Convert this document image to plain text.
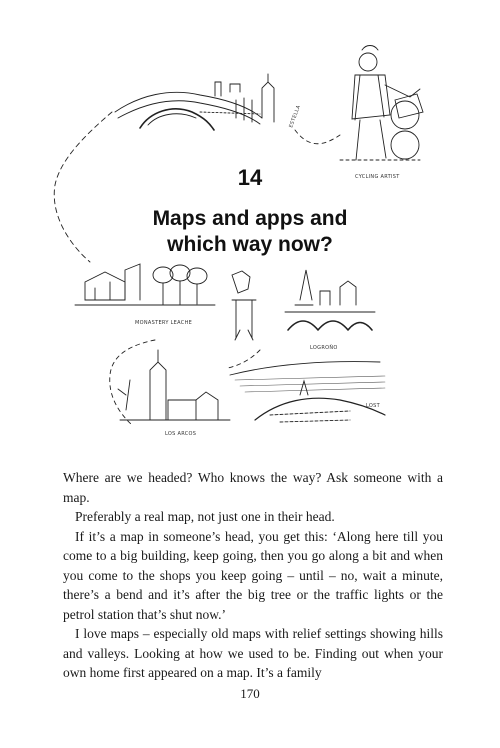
ESTELLA
CYCLING ARTIST
MONASTERY LEACHE
LOGROÑO
LOS ARCOS
LOST
14
Maps and apps and
which way now?

Where are we headed? Who knows the way? Ask someone with a map.

Preferably a real map, not just one in their head.

If it’s a map in someone’s head, you get this: ‘Along here till you come to a big building, keep going, then you go along a bit and when you come to the shops you keep going – until – no, wait a minute, there’s a bend and it’s after the big tree or the traffic lights or the petrol station that’s shut now.’

I love maps – especially old maps with relief settings showing hills and valleys. Looking at how we used to be. Finding out when your own home first appeared on a map. It’s a family

170
